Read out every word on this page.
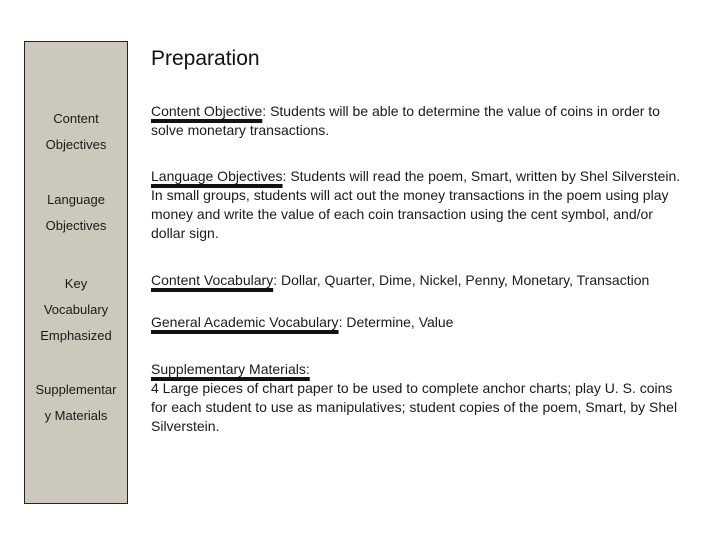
Content
Objectives
Language
Objectives
Key
Vocabulary
Emphasized
Supplementar
y Materials
Preparation
Content Objective: Students will be able to determine the value of coins in order to solve monetary transactions.
Language Objectives: Students will read the poem, Smart, written by Shel Silverstein. In small groups, students will act out the money transactions in the poem using play money and write the value of each coin transaction using the cent symbol, and/or dollar sign.
Content Vocabulary: Dollar, Quarter, Dime, Nickel, Penny, Monetary, Transaction
General Academic Vocabulary: Determine, Value
Supplementary Materials:
4 Large pieces of chart paper to be used to complete anchor charts; play U. S. coins for each student to use as manipulatives; student copies of the poem, Smart, by Shel Silverstein.
